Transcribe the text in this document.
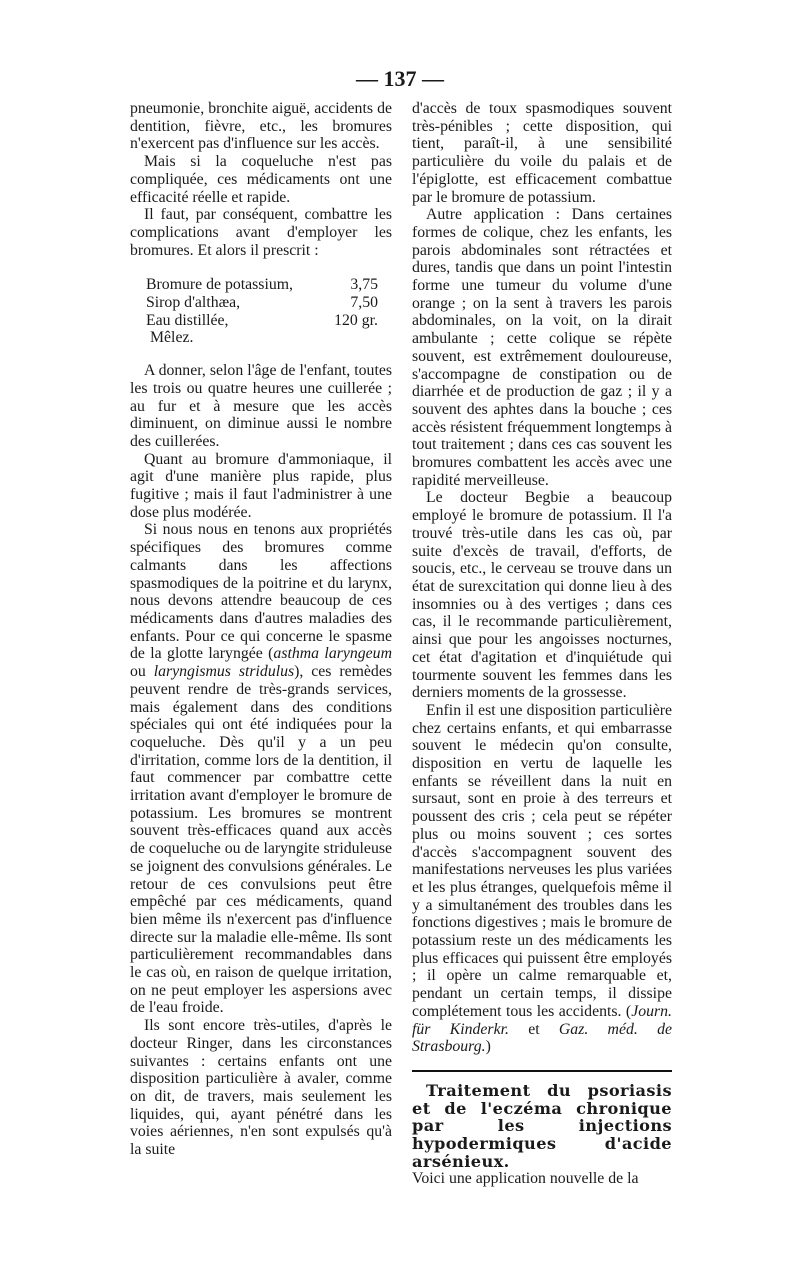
— 137 —

pneumonie, bronchite aiguë, accidents de dentition, fièvre, etc., les bromures n'exercent pas d'influence sur les accès.

Mais si la coqueluche n'est pas compliquée, ces médicaments ont une efficacité réelle et rapide.

Il faut, par conséquent, combattre les complications avant d'employer les bromures. Et alors il prescrit :

Bromure de potassium,	3,75
Sirop d'althæa,	7,50
Eau distillée,	120 gr.
Mêlez.

A donner, selon l'âge de l'enfant, toutes les trois ou quatre heures une cuillerée ; au fur et à mesure que les accès diminuent, on diminue aussi le nombre des cuillerées.

Quant au bromure d'ammoniaque, il agit d'une manière plus rapide, plus fugitive ; mais il faut l'administrer à une dose plus modérée.

Si nous nous en tenons aux propriétés spécifiques des bromures comme calmants dans les affections spasmodiques de la poitrine et du larynx, nous devons attendre beaucoup de ces médicaments dans d'autres maladies des enfants. Pour ce qui concerne le spasme de la glotte laryngée (asthma laryngeum ou laryngismus stridulus), ces remèdes peuvent rendre de très-grands services, mais également dans des conditions spéciales qui ont été indiquées pour la coqueluche. Dès qu'il y a un peu d'irritation, comme lors de la dentition, il faut commencer par combattre cette irritation avant d'employer le bromure de potassium. Les bromures se montrent souvent très-efficaces quand aux accès de coqueluche ou de laryngite striduleuse se joignent des convulsions générales. Le retour de ces convulsions peut être empêché par ces médicaments, quand bien même ils n'exercent pas d'influence directe sur la maladie elle-même. Ils sont particulièrement recommandables dans le cas où, en raison de quelque irritation, on ne peut employer les aspersions avec de l'eau froide.

Ils sont encore très-utiles, d'après le docteur Ringer, dans les circonstances suivantes : certains enfants ont une disposition particulière à avaler, comme on dit, de travers, mais seulement les liquides, qui, ayant pénétré dans les voies aériennes, n'en sont expulsés qu'à la suite

d'accès de toux spasmodiques souvent très-pénibles ; cette disposition, qui tient, paraît-il, à une sensibilité particulière du voile du palais et de l'épiglotte, est efficacement combattue par le bromure de potassium.

Autre application : Dans certaines formes de colique, chez les enfants, les parois abdominales sont rétractées et dures, tandis que dans un point l'intestin forme une tumeur du volume d'une orange ; on la sent à travers les parois abdominales, on la voit, on la dirait ambulante ; cette colique se répète souvent, est extrêmement douloureuse, s'accompagne de constipation ou de diarrhée et de production de gaz ; il y a souvent des aphtes dans la bouche ; ces accès résistent fréquemment longtemps à tout traitement ; dans ces cas souvent les bromures combattent les accès avec une rapidité merveilleuse.

Le docteur Begbie a beaucoup employé le bromure de potassium. Il l'a trouvé très-utile dans les cas où, par suite d'excès de travail, d'efforts, de soucis, etc., le cerveau se trouve dans un état de surexcitation qui donne lieu à des insomnies ou à des vertiges ; dans ces cas, il le recommande particulièrement, ainsi que pour les angoisses nocturnes, cet état d'agitation et d'inquiétude qui tourmente souvent les femmes dans les derniers moments de la grossesse.

Enfin il est une disposition particulière chez certains enfants, et qui embarrasse souvent le médecin qu'on consulte, disposition en vertu de laquelle les enfants se réveillent dans la nuit en sursaut, sont en proie à des terreurs et poussent des cris ; cela peut se répéter plus ou moins souvent ; ces sortes d'accès s'accompagnent souvent des manifestations nerveuses les plus variées et les plus étranges, quelquefois même il y a simultanément des troubles dans les fonctions digestives ; mais le bromure de potassium reste un des médicaments les plus efficaces qui puissent être employés ; il opère un calme remarquable et, pendant un certain temps, il dissipe complétement tous les accidents. (Journ. für Kinderkr. et Gaz. méd. de Strasbourg.)

Traitement du psoriasis et de l'eczéma chronique par les injections hypodermiques d'acide arsénieux.

Voici une application nouvelle de la
